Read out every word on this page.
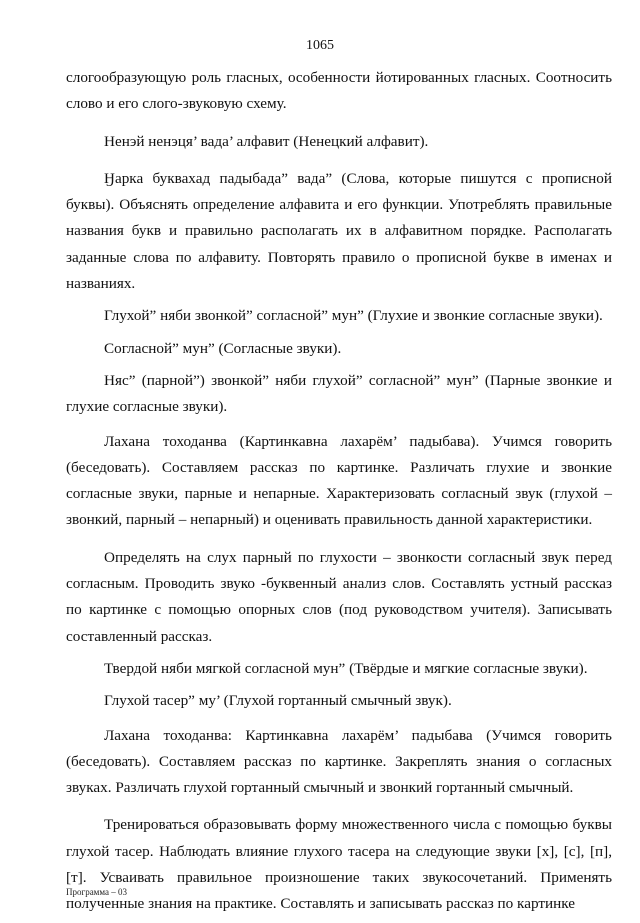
1065

слогообразующую роль гласных, особенности йотированных гласных. Соотносить слово и его слого-звуковую схему.

Ненэй ненэця’ вада’ алфавит (Ненецкий алфавит).

Ӈарка буквахад падыбада” вада” (Слова, которые пишутся с прописной буквы). Объяснять определение алфавита и его функции. Употреблять правильные названия букв и правильно располагать их в алфавитном порядке. Располагать заданные слова по алфавиту. Повторять правило о прописной букве в именах и названиях.

Глухой” няби звонкой” согласной” мун” (Глухие и звонкие согласные звуки).

Согласной” мун” (Согласные звуки).

Няс” (парной”) звонкой” няби глухой” согласной” мун” (Парные звонкие и глухие согласные звуки).

Лахана тоходанва (Картинкавна лахарём’ падыбава). Учимся говорить (беседовать). Составляем рассказ по картинке. Различать глухие и звонкие согласные звуки, парные и непарные. Характеризовать согласный звук (глухой – звонкий, парный – непарный) и оценивать правильность данной характеристики.

Определять на слух парный по глухости – звонкости согласный звук перед согласным. Проводить звуко -буквенный анализ слов. Составлять устный рассказ по картинке с помощью опорных слов (под руководством учителя). Записывать составленный рассказ.

Твердой няби мягкой согласной мун” (Твёрдые и мягкие согласные звуки).

Глухой тасер” му’ (Глухой гортанный смычный звук).

Лахана тоходанва: Картинкавна лахарём’ падыбава (Учимся говорить (беседовать). Составляем рассказ по картинке. Закреплять знания о согласных звуках. Различать глухой гортанный смычный и звонкий гортанный смычный.

Тренироваться образовывать форму множественного числа с помощью буквы глухой тасер. Наблюдать влияние глухого тасера на следующие звуки [х], [с], [п], [т]. Усваивать правильное произношение таких звукосочетаний. Применять полученные знания на практике. Составлять и записывать рассказ по картинке

Программа – 03
